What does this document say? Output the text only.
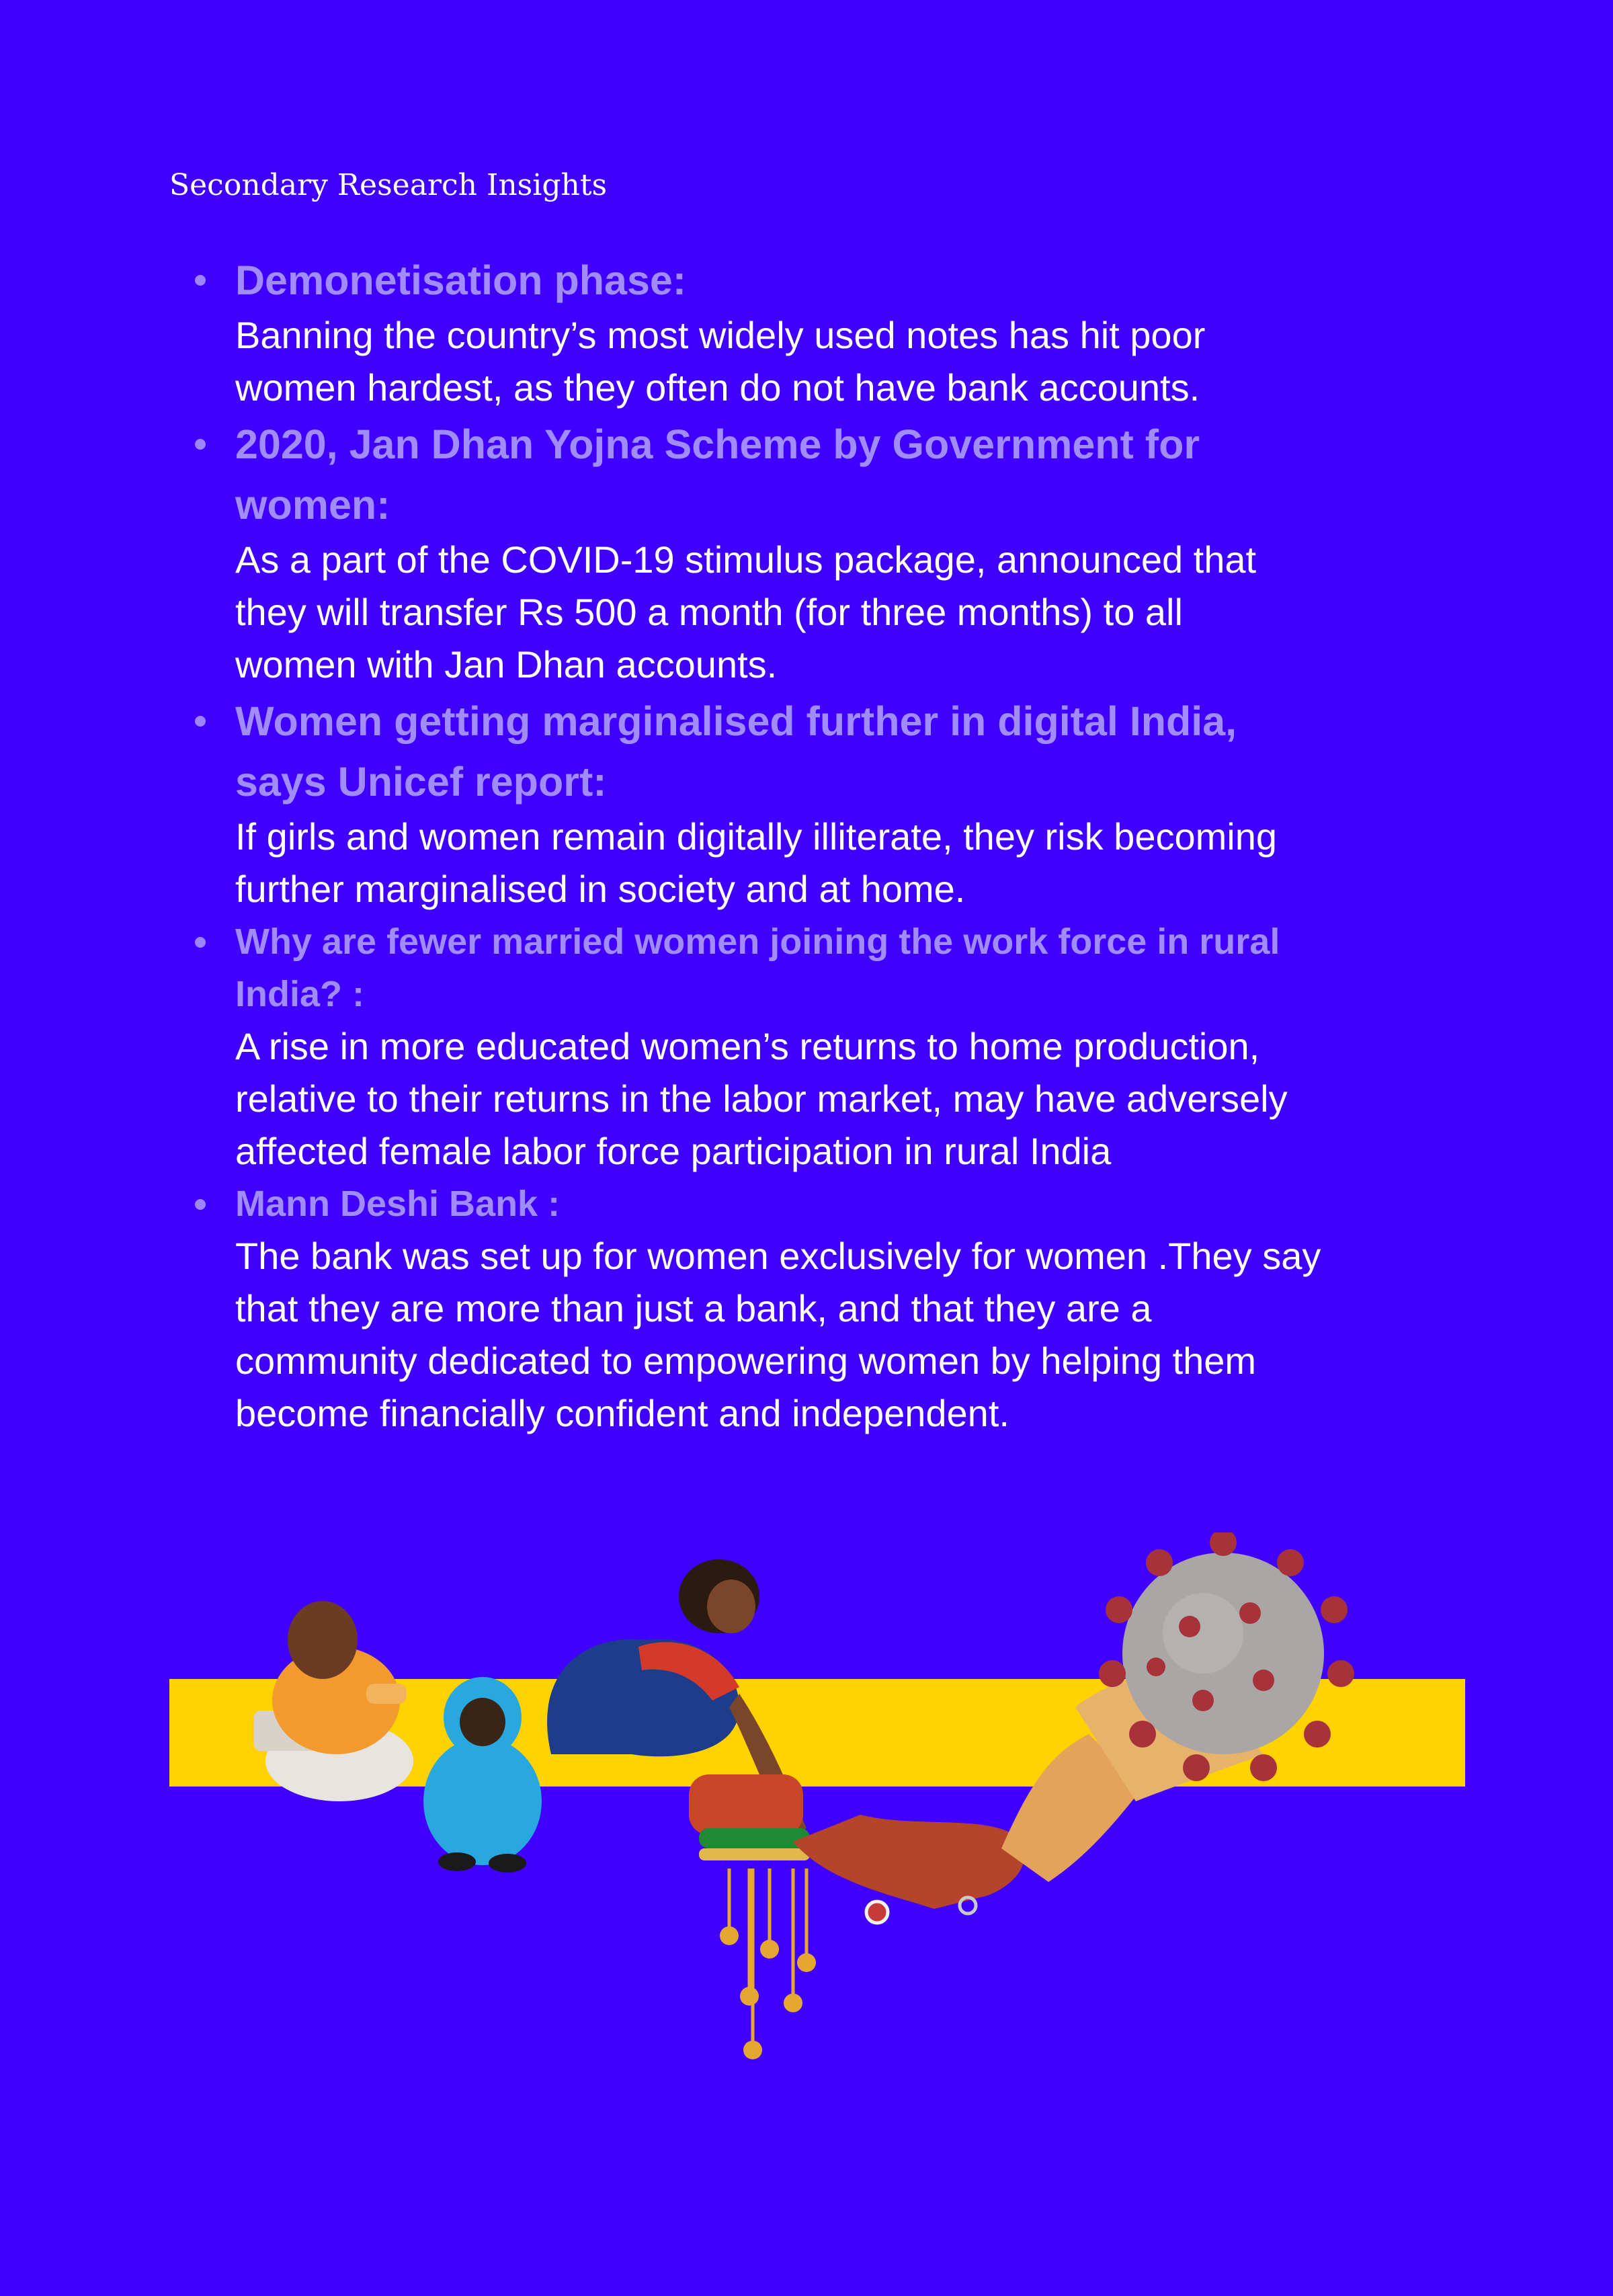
Secondary Research Insights

Demonetisation phase:

Banning the country’s most widely used notes has hit poor
women hardest, as they often do not have bank accounts.

2020, Jan Dhan Yojna Scheme by Government for
women:

As a part of the COVID-19 stimulus package, announced that
they will transfer Rs 500 a month (for three months) to all
women with Jan Dhan accounts.

Women getting marginalised further in digital India,
says Unicef report:

If girls and women remain digitally illiterate, they risk becoming
further marginalised in society and at home.

Why are fewer married women joining the work force in rural
India? :

A rise in more educated women’s returns to home production,
relative to their returns in the labor market, may have adversely
affected female labor force participation in rural India

Mann Deshi Bank :

The bank was set up for women exclusively for women .They say
that they are more than just a bank, and that they are a
community dedicated to empowering women by helping them
become financially confident and independent.
